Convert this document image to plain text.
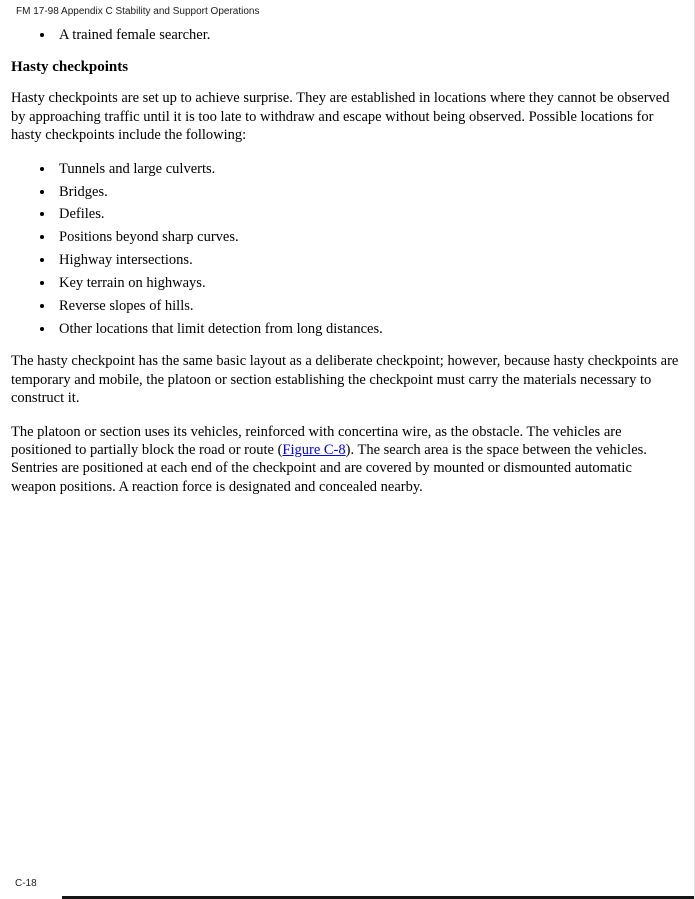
FM 17-98 Appendix C Stability and Support Operations
• A trained female searcher.
Hasty checkpoints

Hasty checkpoints are set up to achieve surprise. They are established in locations where they cannot be observed by approaching traffic until it is too late to withdraw and escape without being observed. Possible locations for hasty checkpoints include the following:

• Tunnels and large culverts.
• Bridges.
• Defiles.
• Positions beyond sharp curves.
• Highway intersections.
• Key terrain on highways.
• Reverse slopes of hills.
• Other locations that limit detection from long distances.

The hasty checkpoint has the same basic layout as a deliberate checkpoint; however, because hasty checkpoints are temporary and mobile, the platoon or section establishing the checkpoint must carry the materials necessary to construct it.

The platoon or section uses its vehicles, reinforced with concertina wire, as the obstacle. The vehicles are positioned to partially block the road or route (Figure C-8). The search area is the space between the vehicles. Sentries are positioned at each end of the checkpoint and are covered by mounted or dismounted automatic weapon positions. A reaction force is designated and concealed nearby.

C-18
